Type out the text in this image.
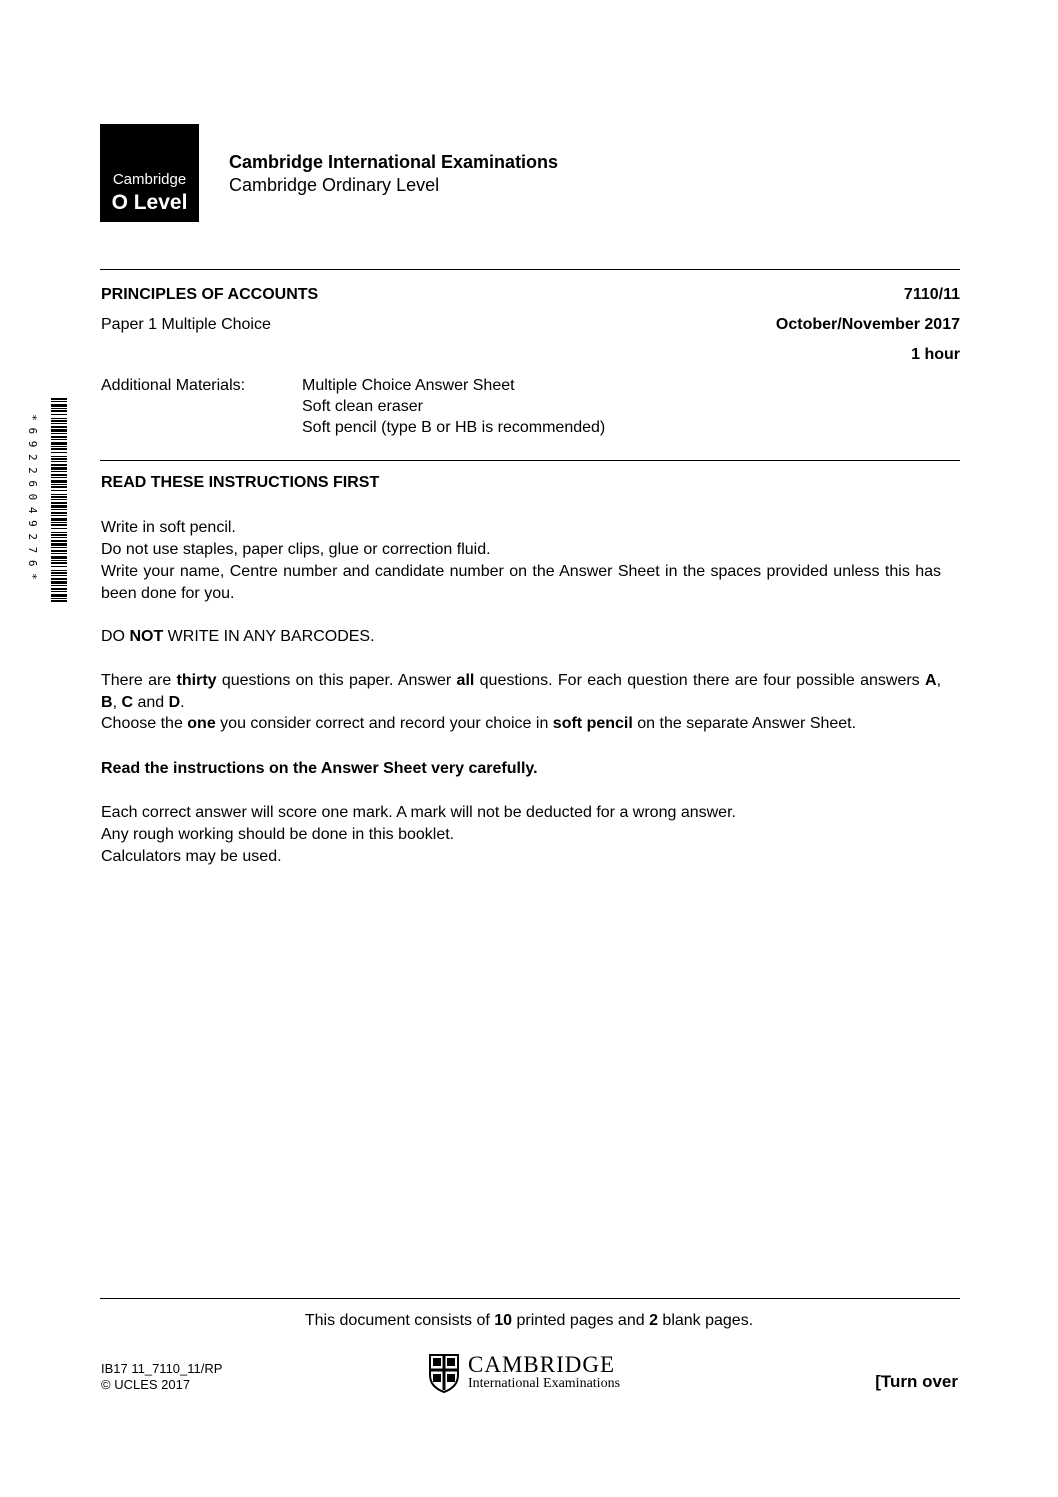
Cambridge
O Level
Cambridge International Examinations
Cambridge Ordinary Level
PRINCIPLES OF ACCOUNTS	7110/11
Paper 1 Multiple Choice	October/November 2017
1 hour
Additional Materials:	Multiple Choice Answer Sheet
Soft clean eraser
Soft pencil (type B or HB is recommended)
* 6 9 2 2 6 0 4 9 2 7 6 *	READ THESE INSTRUCTIONS FIRST
Write in soft pencil.
Do not use staples, paper clips, glue or correction fluid.
Write your name, Centre number and candidate number on the Answer Sheet in the spaces provided unless this has been done for you.
DO NOT WRITE IN ANY BARCODES.
There are thirty questions on this paper. Answer all questions. For each question there are four possible answers A, B, C and D.
Choose the one you consider correct and record your choice in soft pencil on the separate Answer Sheet.
Read the instructions on the Answer Sheet very carefully.
Each correct answer will score one mark. A mark will not be deducted for a wrong answer.
Any rough working should be done in this booklet.
Calculators may be used.
This document consists of 10 printed pages and 2 blank pages.
IB17 11_7110_11/RP
© UCLES 2017
CAMBRIDGE
International Examinations	[Turn over
